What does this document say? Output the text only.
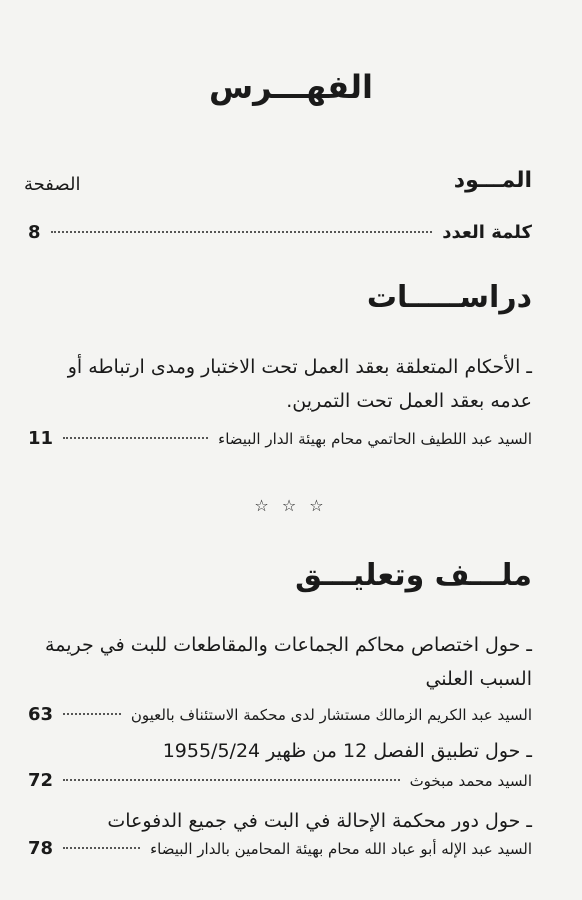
الفهـــرس
المـــود
الصفحة
كلمة العدد
8
دراســـــات
ـ الأحكام المتعلقة بعقد العمل تحت الاختبار ومدى ارتباطه أو عدمه بعقد العمل تحت التمرين.
السيد عبد اللطيف الحاتمي محام بهيئة الدار البيضاء
11
☆ ☆ ☆
ملـــف وتعليـــق
ـ حول اختصاص محاكم الجماعات والمقاطعات للبت في جريمة السبب العلني
السيد عبد الكريم الزمالك مستشار لدى محكمة الاستئناف بالعيون
63
ـ حول تطبيق الفصل 12 من ظهير 1955/5/24
السيد محمد مبخوث
72
ـ حول دور محكمة الإحالة في البت في جميع الدفوعات
السيد عبد الإله أبو عباد الله محام بهيئة المحامين بالدار البيضاء
78
